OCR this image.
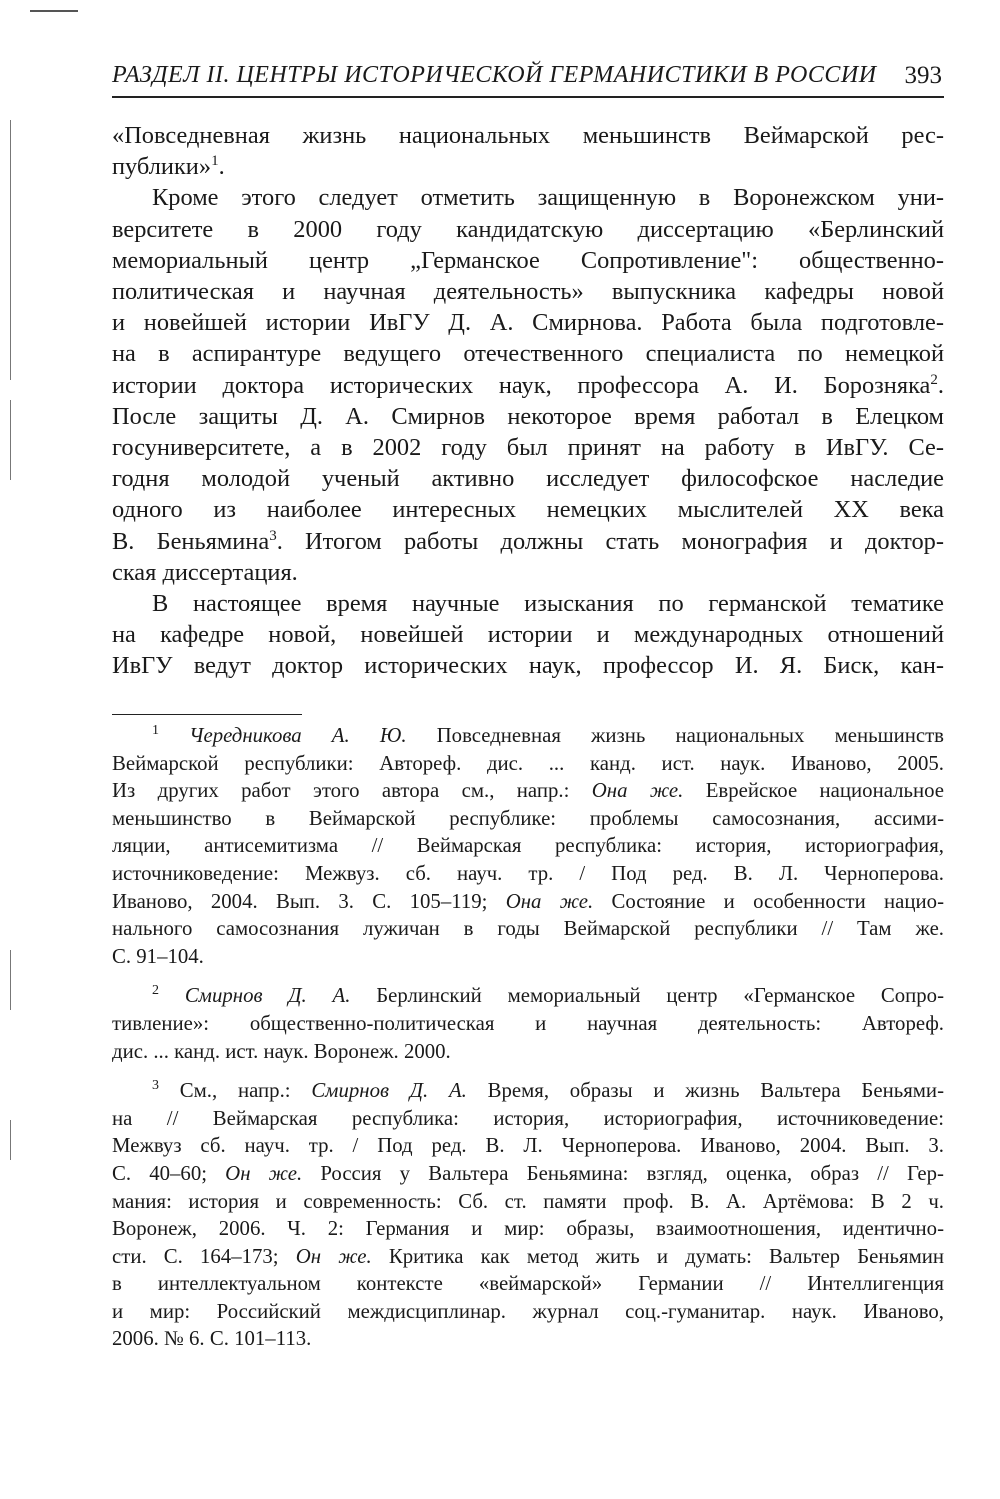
РАЗДЕЛ II. ЦЕНТРЫ ИСТОРИЧЕСКОЙ ГЕРМАНИСТИКИ В РОССИИ 393
«Повседневная жизнь национальных меньшинств Веймарской рес-
публики»$^1$.
Кроме этого следует отметить защищенную в Воронежском уни-
верситете в 2000 году кандидатскую диссертацию «Берлинский
мемориальный центр „Германское Сопротивление": общественно-
политическая и научная деятельность» выпускника кафедры новой
и новейшей истории ИвГУ Д. А. Смирнова. Работа была подготовле-
на в аспирантуре ведущего отечественного специалиста по немецкой
истории доктора исторических наук, профессора А. И. Борозняка$^2$.
После защиты Д. А. Смирнов некоторое время работал в Елецком
госуниверситете, а в 2002 году был принят на работу в ИвГУ. Се-
годня молодой ученый активно исследует философское наследие
одного из наиболее интересных немецких мыслителей XX века
В. Беньямина$^3$. Итогом работы должны стать монография и доктор-
ская диссертация.
В настоящее время научные изыскания по германской тематике
на кафедре новой, новейшей истории и международных отношений
ИвГУ ведут доктор исторических наук, профессор И. Я. Биск, кан-
$^1$ Чередникова А. Ю. Повседневная жизнь национальных меньшинств
Веймарской республики: Автореф. дис. ... канд. ист. наук. Иваново, 2005.
Из других работ этого автора см., напр.: Она же. Еврейское национальное
меньшинство в Веймарской республике: проблемы самосознания, ассими-
ляции, антисемитизма // Веймарская республика: история, историография,
источниковедение: Межвуз. сб. науч. тр. / Под ред. В. Л. Черноперова.
Иваново, 2004. Вып. 3. С. 105–119; Она же. Состояние и особенности нацио-
нального самосознания лужичан в годы Веймарской республики // Там же.
С. 91–104.
$^2$ Смирнов Д. А. Берлинский мемориальный центр «Германское Сопро-
тивление»: общественно-политическая и научная деятельность: Автореф.
дис. ... канд. ист. наук. Воронеж. 2000.
$^3$ См., напр.: Смирнов Д. А. Время, образы и жизнь Вальтера Беньями-
на // Веймарская республика: история, историография, источниковедение:
Межвуз сб. науч. тр. / Под ред. В. Л. Черноперова. Иваново, 2004. Вып. 3.
С. 40–60; Он же. Россия у Вальтера Беньямина: взгляд, оценка, образ // Гер-
мания: история и современность: Сб. ст. памяти проф. В. А. Артёмова: В 2 ч.
Воронеж, 2006. Ч. 2: Германия и мир: образы, взаимоотношения, идентично-
сти. С. 164–173; Он же. Критика как метод жить и думать: Вальтер Беньямин
в интеллектуальном контексте «веймарской» Германии // Интеллигенция
и мир: Российский междисциплинар. журнал соц.-гуманитар. наук. Иваново,
2006. № 6. С. 101–113.
